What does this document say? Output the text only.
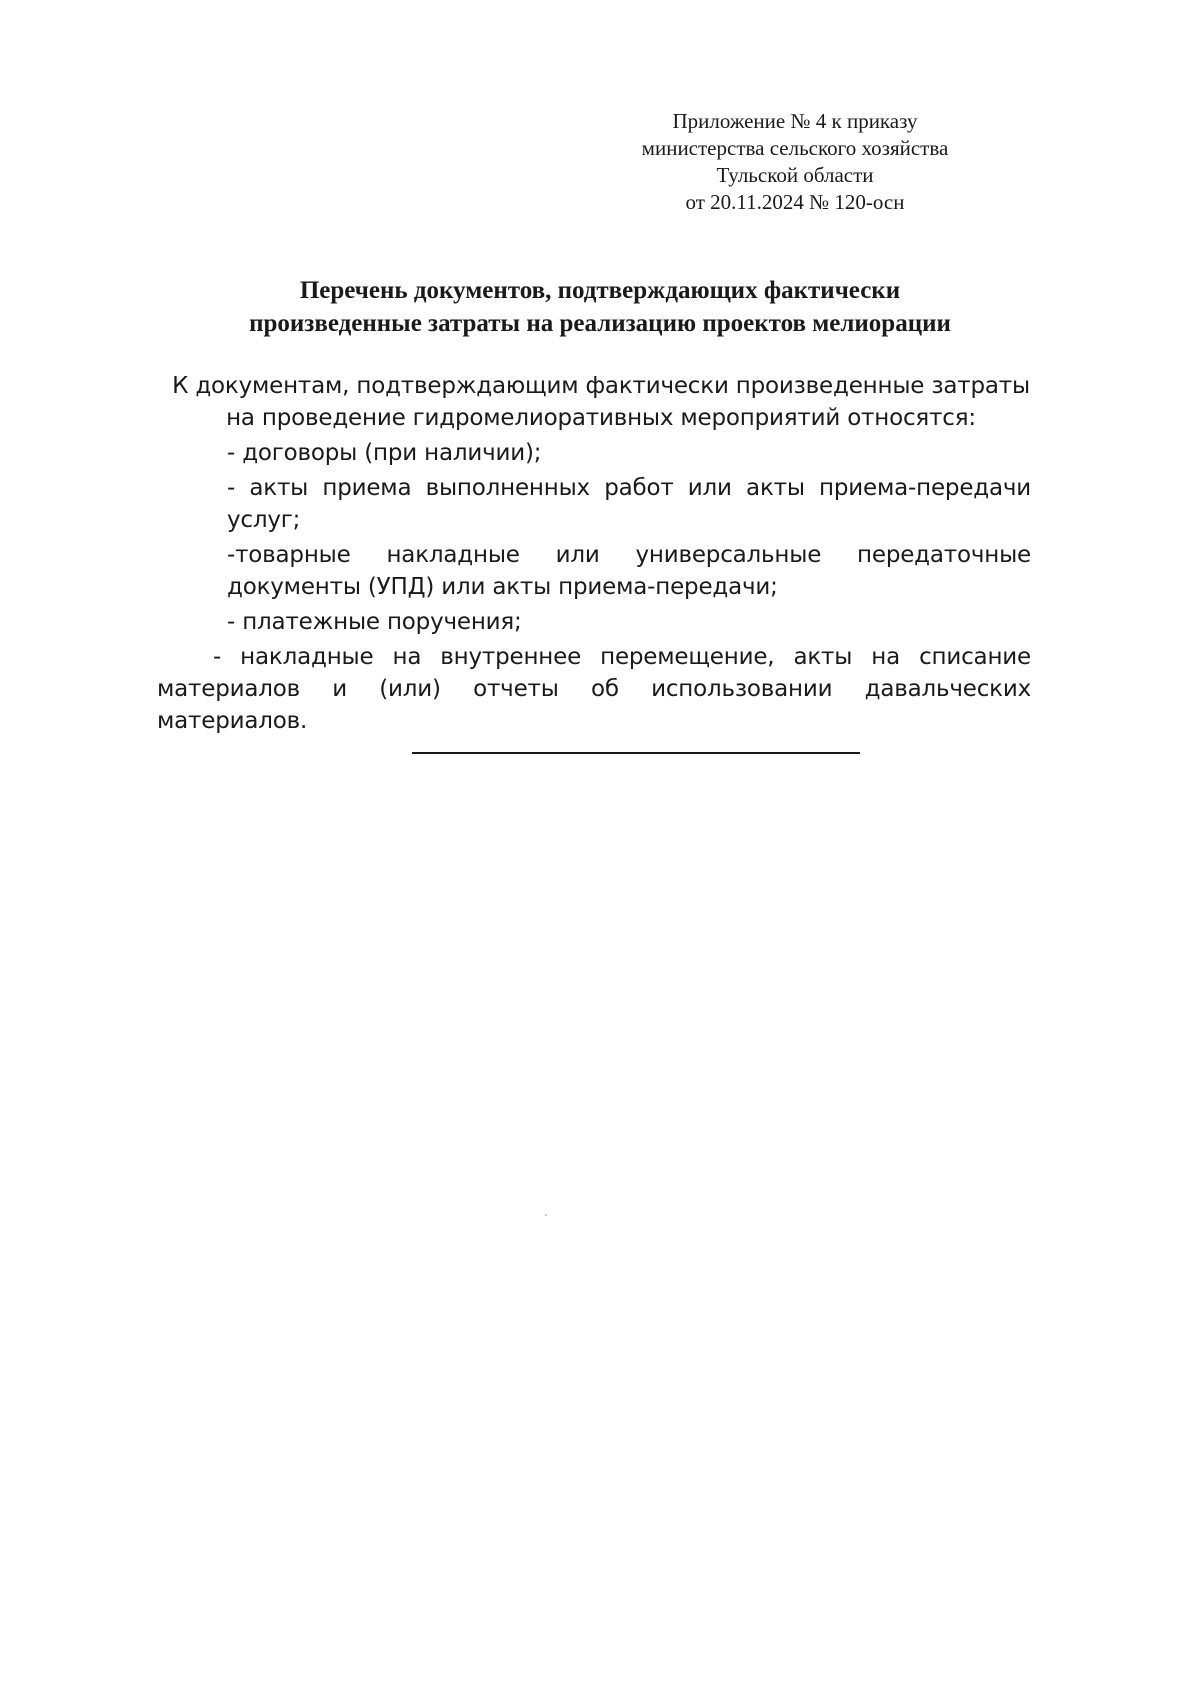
Приложение № 4 к приказу
министерства сельского хозяйства
Тульской области
от 20.11.2024 № 120-осн
Перечень документов, подтверждающих фактически
произведенные затраты на реализацию проектов мелиорации

К документам, подтверждающим фактически произведенные затраты
на проведение гидромелиоративных мероприятий относятся:

- договоры (при наличии);

- акты приема выполненных работ или акты приема-передачи
услуг;

-товарные накладные или универсальные передаточные
документы (УПД) или акты приема-передачи;

- платежные поручения;

- накладные на внутреннее перемещение, акты на списание
материалов и (или) отчеты об использовании давальческих материалов.
